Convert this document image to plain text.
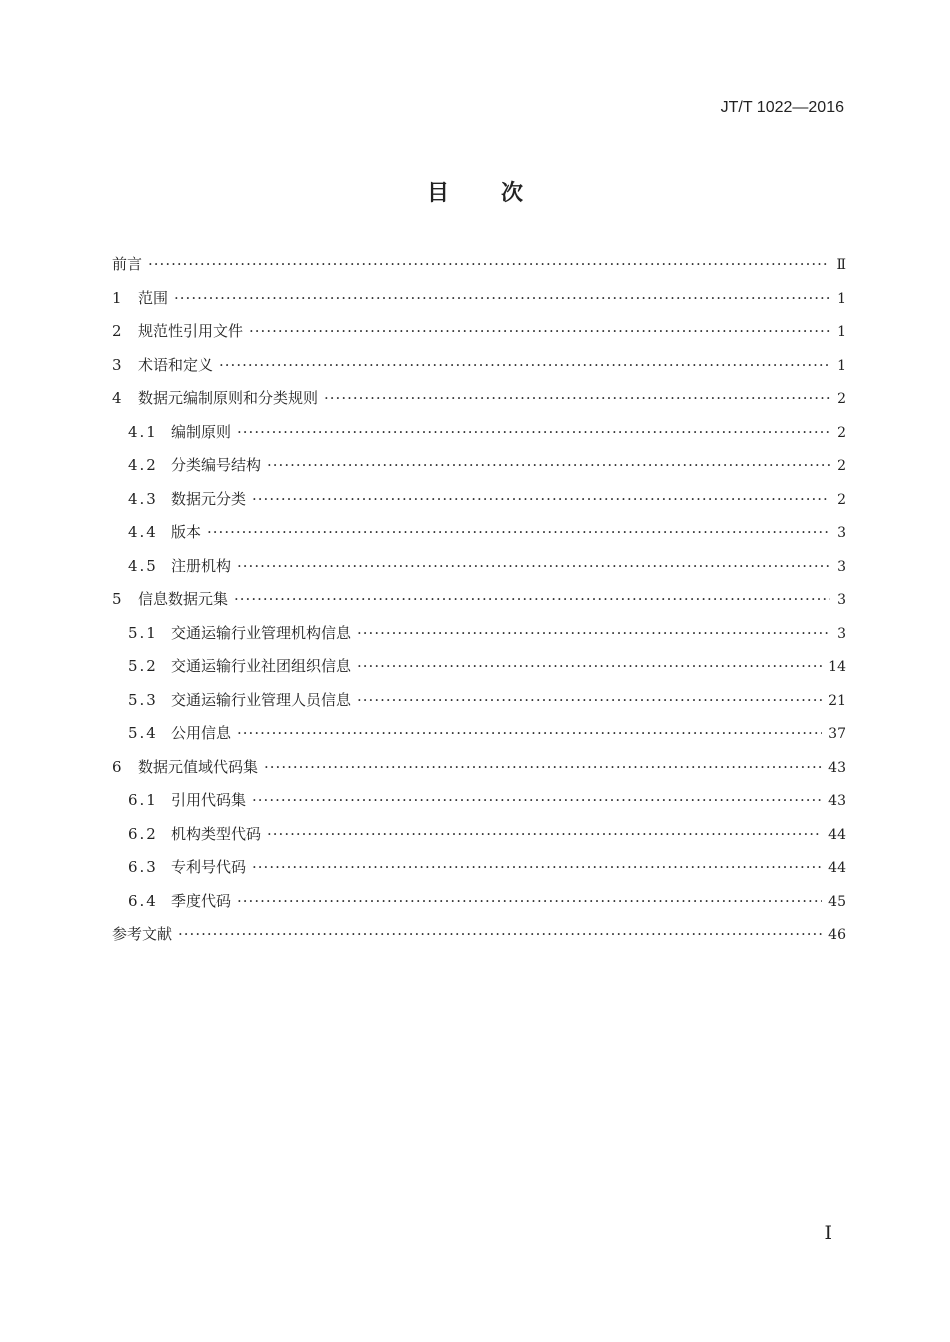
JT/T 1022—2016
目次
前言 ·····	Ⅱ
1	范围 ·····	1
2	规范性引用文件 ·····	1
3	术语和定义 ·····	1
4	数据元编制原则和分类规则 ·····	2
4.1 编制原则 ·····	2
4.2 分类编号结构 ·····	2
4.3 数据元分类 ·····	2
4.4 版本 ·····	3
4.5 注册机构 ·····	3
5	信息数据元集 ·····	3
5.1 交通运输行业管理机构信息 ·····	3
5.2 交通运输行业社团组织信息 ·····	14
5.3 交通运输行业管理人员信息 ·····	21
5.4 公用信息 ·····	37
6	数据元值域代码集 ·····	43
6.1 引用代码集 ·····	43
6.2 机构类型代码 ·····	44
6.3 专利号代码 ·····	44
6.4 季度代码 ·····	45
参考文献 ·····	46
I
